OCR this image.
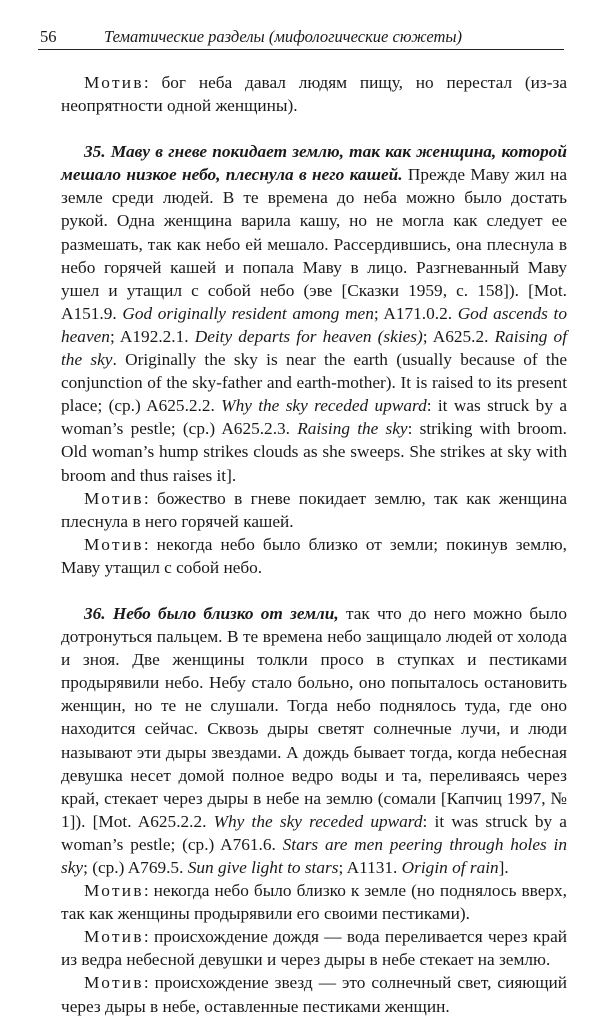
56	Тематические разделы (мифологические сюжеты)

Мотив: бог неба давал людям пищу, но перестал (из-за неопрятности одной женщины).

35. Маву в гневе покидает землю, так как женщина, которой мешало низкое небо, плеснула в него кашей. Прежде Маву жил на земле среди людей. В те времена до неба можно было достать рукой. Одна женщина варила кашу, но не могла как следует ее размешать, так как небо ей мешало. Рассердившись, она плеснула в небо горячей кашей и попала Маву в лицо. Разгневанный Маву ушел и утащил с собой небо (эве [Сказки 1959, с. 158]). [Mot. A151.9. God originally resident among men; A171.0.2. God ascends to heaven; A192.2.1. Deity departs for heaven (skies); A625.2. Raising of the sky. Originally the sky is near the earth (usually because of the conjunction of the sky-father and earth-mother). It is raised to its present place; (cp.) A625.2.2. Why the sky receded upward: it was struck by a woman’s pestle; (cp.) A625.2.3. Raising the sky: striking with broom. Old woman’s hump strikes clouds as she sweeps. She strikes at sky with broom and thus raises it].

Мотив: божество в гневе покидает землю, так как женщина плеснула в него горячей кашей.

Мотив: некогда небо было близко от земли; покинув землю, Маву утащил с собой небо.

36. Небо было близко от земли, так что до него можно было дотронуться пальцем. В те времена небо защищало людей от холода и зноя. Две женщины толкли просо в ступках и пестиками продырявили небо. Небу стало больно, оно попыталось остановить женщин, но те не слушали. Тогда небо поднялось туда, где оно находится сейчас. Сквозь дыры светят солнечные лучи, и люди называют эти дыры звездами. А дождь бывает тогда, когда небесная девушка несет домой полное ведро воды и та, переливаясь через край, стекает через дыры в небе на землю (сомали [Капчиц 1997, № 1]). [Mot. A625.2.2. Why the sky receded upward: it was struck by a woman’s pestle; (cp.) A761.6. Stars are men peering through holes in sky; (cp.) A769.5. Sun give light to stars; A1131. Origin of rain].

Мотив: некогда небо было близко к земле (но поднялось вверх, так как женщины продырявили его своими пестиками).

Мотив: происхождение дождя — вода переливается через край из ведра небесной девушки и через дыры в небе стекает на землю.

Мотив: происхождение звезд — это солнечный свет, сияющий через дыры в небе, оставленные пестиками женщин.
